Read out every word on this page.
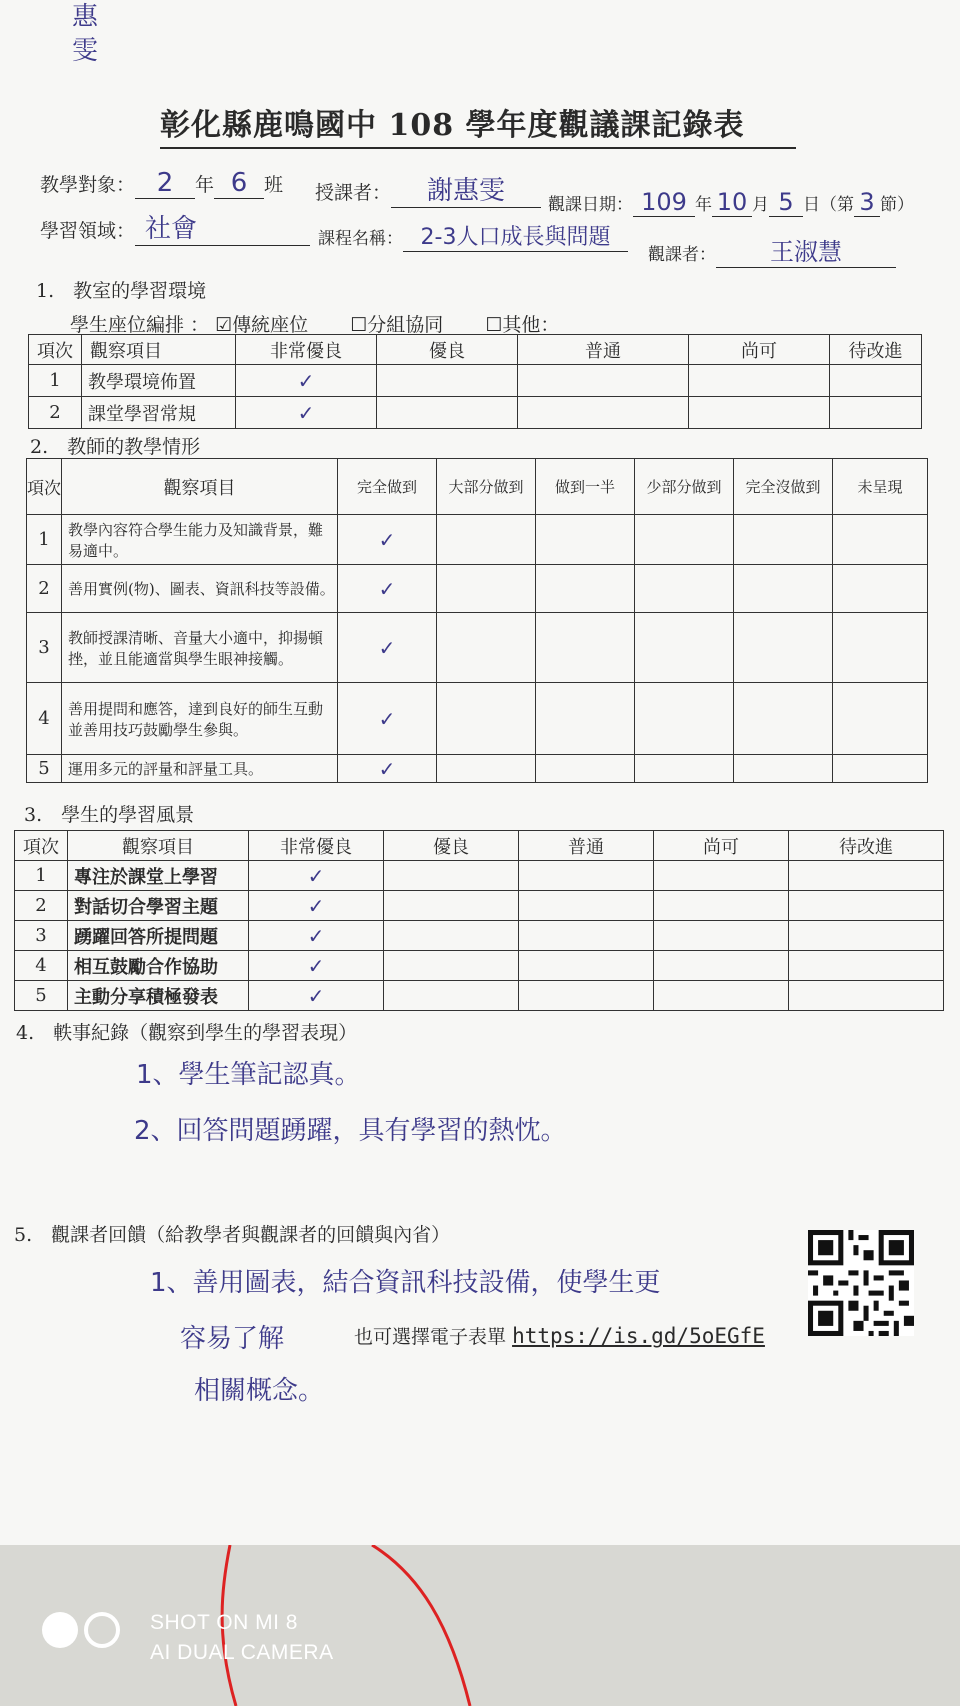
惠雯
彰化縣鹿鳴國中 108 學年度觀議課記錄表
教學對象： 2 年 6 班 授課者： 謝惠雯	觀課日期： 109 年 10 月 5 日（第 3 節）
學習領域： 社會	課程名稱： 2-3人口成長與問題
觀課者： 王淑慧
1.　教室的學習環境
學生座位編排 ： ☑傳統座位 ☐分組協同 ☐其他：
項次	觀察項目	非常優良	優良	普通	尚可	待改進
1	教學環境佈置	✓				
2	課堂學習常規	✓				
2.　教師的教學情形
項次	觀察項目	完全做到	大部分做到	做到一半	少部分做到	完全沒做到	未呈現
1	教學內容符合學生能力及知識背景，難易適中。	✓					
2	善用實例(物)、圖表、資訊科技等設備。	✓					
3	教師授課清晰、音量大小適中，抑揚頓挫，並且能適當與學生眼神接觸。	✓					
4	善用提問和應答，達到良好的師生互動並善用技巧鼓勵學生參與。	✓					
5	運用多元的評量和評量工具。	✓					
3.　學生的學習風景
項次	觀察項目	非常優良	優良	普通	尚可	待改進
1	專注於課堂上學習	✓				
2	對話切合學習主題	✓				
3	踴躍回答所提問題	✓				
4	相互鼓勵合作協助	✓				
5	主動分享積極發表	✓				
4.　軼事紀錄（觀察到學生的學習表現）
1、學生筆記認真。
2、回答問題踴躍，具有學習的熱忱。
5.　觀課者回饋（給教學者與觀課者的回饋與內省）
1、善用圖表，結合資訊科技設備，使學生更
容易了解	也可選擇電子表單 https://is.gd/5oEGfE
相關概念。
SHOT ON MI 8
AI DUAL CAMERA
